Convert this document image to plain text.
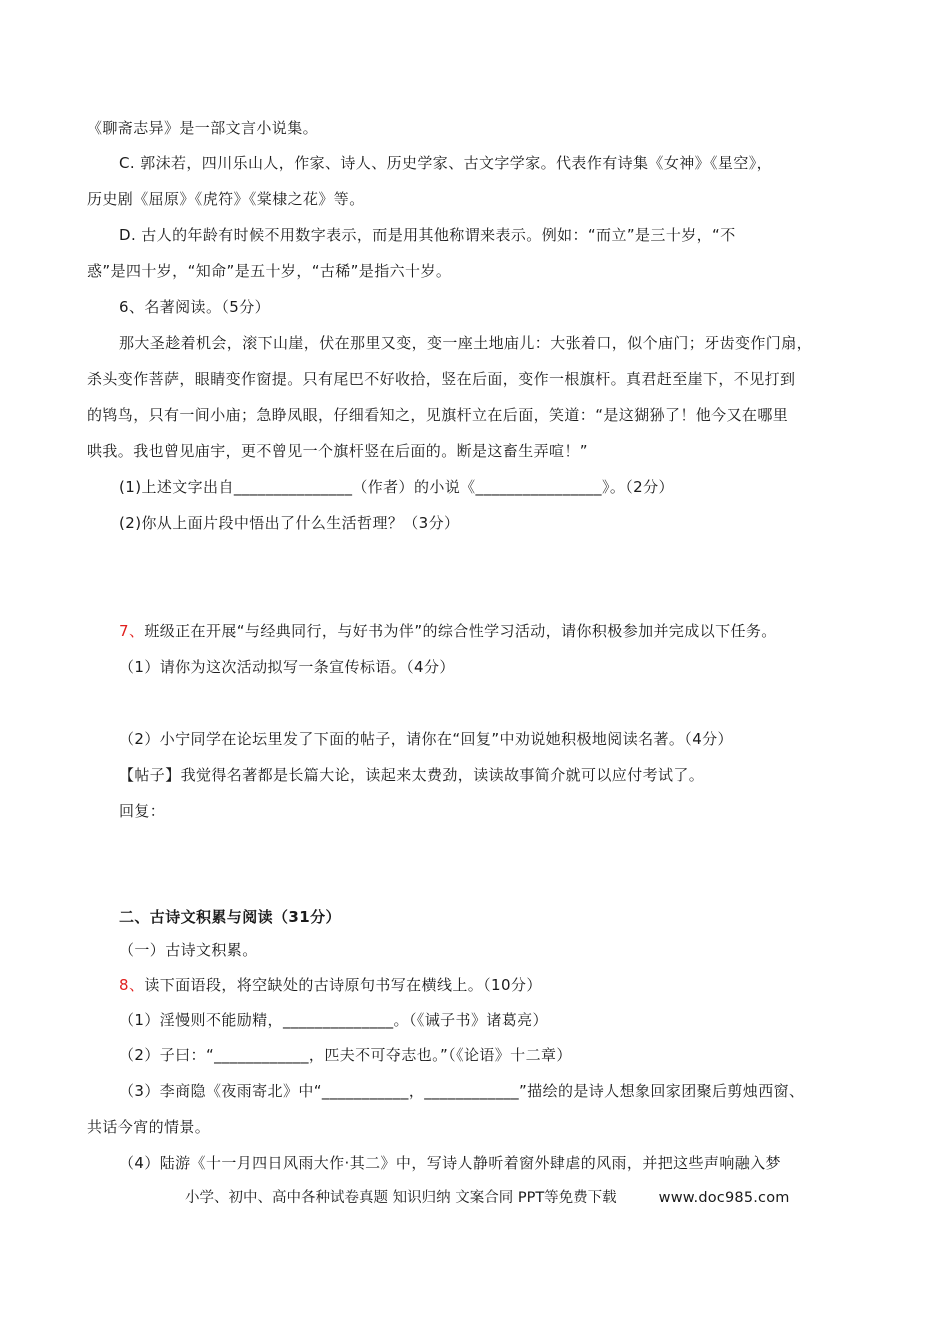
《聊斋志异》是一部文言小说集。
C. 郭沫若，四川乐山人，作家、诗人、历史学家、古文字学家。代表作有诗集《女神》《星空》，
历史剧《屈原》《虎符》《棠棣之花》等。
D. 古人的年龄有时候不用数字表示，而是用其他称谓来表示。例如：“而立”是三十岁，“不
惑”是四十岁，“知命”是五十岁，“古稀”是指六十岁。
6、名著阅读。（5分）
那大圣趁着机会，滚下山崖，伏在那里又变，变一座土地庙儿：大张着口，似个庙门；牙齿变作门扇，
杀头变作菩萨，眼睛变作窗提。只有尾巴不好收拾，竖在后面，变作一根旗杆。真君赶至崖下，不见打到
的鸨鸟，只有一间小庙；急睁凤眼，仔细看知之，见旗杆立在后面，笑道：“是这猢狲了！他今又在哪里
哄我。我也曾见庙宇，更不曾见一个旗杆竖在后面的。断是这畜生弄喧！”
(1)上述文字出自_______________（作者）的小说《________________》。（2分）
(2)你从上面片段中悟出了什么生活哲理？（3分）
7、班级正在开展“与经典同行，与好书为伴”的综合性学习活动，请你积极参加并完成以下任务。
（1）请你为这次活动拟写一条宣传标语。（4分）
（2）小宁同学在论坛里发了下面的帖子，请你在“回复”中劝说她积极地阅读名著。（4分）
【帖子】我觉得名著都是长篇大论，读起来太费劲，读读故事简介就可以应付考试了。
回复：
二、古诗文积累与阅读（31分）
（一）古诗文积累。
8、读下面语段，将空缺处的古诗原句书写在横线上。（10分）
（1）淫慢则不能励精，______________。（《诫子书》诸葛亮）
（2）子曰：“____________，匹夫不可夺志也。”（《论语》十二章）
（3）李商隐《夜雨寄北》中“___________，____________”描绘的是诗人想象回家团聚后剪烛西窗、
共话今宵的情景。
（4）陆游《十一月四日风雨大作·其二》中，写诗人静听着窗外肆虐的风雨，并把这些声响融入梦
小学、初中、高中各种试卷真题 知识归纳 文案合同 PPT等免费下载	www.doc985.com
